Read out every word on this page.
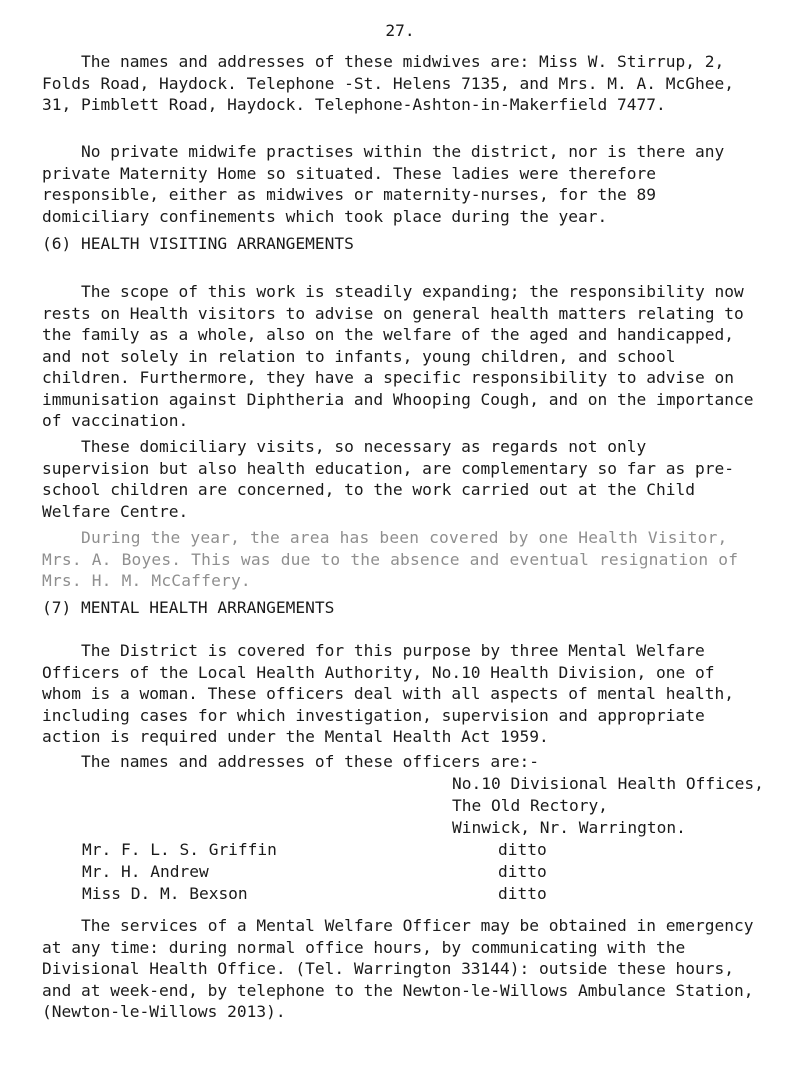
27.

The names and addresses of these midwives are: Miss W. Stirrup, 2, Folds Road, Haydock. Telephone -St. Helens 7135, and Mrs. M. A. McGhee, 31, Pimblett Road, Haydock. Telephone-Ashton-in-Makerfield 7477.

No private midwife practises within the district, nor is there any private Maternity Home so situated. These ladies were therefore responsible, either as midwives or maternity-nurses, for the 89 domiciliary confinements which took place during the year.

(6) HEALTH VISITING ARRANGEMENTS

The scope of this work is steadily expanding; the responsibility now rests on Health visitors to advise on general health matters relating to the family as a whole, also on the welfare of the aged and handicapped, and not solely in relation to infants, young children, and school children. Furthermore, they have a specific responsibility to advise on immunisation against Diphtheria and Whooping Cough, and on the importance of vaccination.

These domiciliary visits, so necessary as regards not only supervision but also health education, are complementary so far as pre-school children are concerned, to the work carried out at the Child Welfare Centre.

During the year, the area has been covered by one Health Visitor, Mrs. A. Boyes. This was due to the absence and eventual resignation of Mrs. H. M. McCaffery.

(7) MENTAL HEALTH ARRANGEMENTS

The District is covered for this purpose by three Mental Welfare Officers of the Local Health Authority, No.10 Health Division, one of whom is a woman. These officers deal with all aspects of mental health, including cases for which investigation, supervision and appropriate action is required under the Mental Health Act 1959.

The names and addresses of these officers are:-

No.10 Divisional Health Offices,
The Old Rectory,
Winwick, Nr. Warrington.
Mr. F. L. S. Griffin	ditto
Mr. H. Andrew	ditto
Miss D. M. Bexson	ditto

The services of a Mental Welfare Officer may be obtained in emergency at any time: during normal office hours, by communicating with the Divisional Health Office. (Tel. Warrington 33144): outside these hours, and at week-end, by telephone to the Newton-le-Willows Ambulance Station, (Newton-le-Willows 2013).
